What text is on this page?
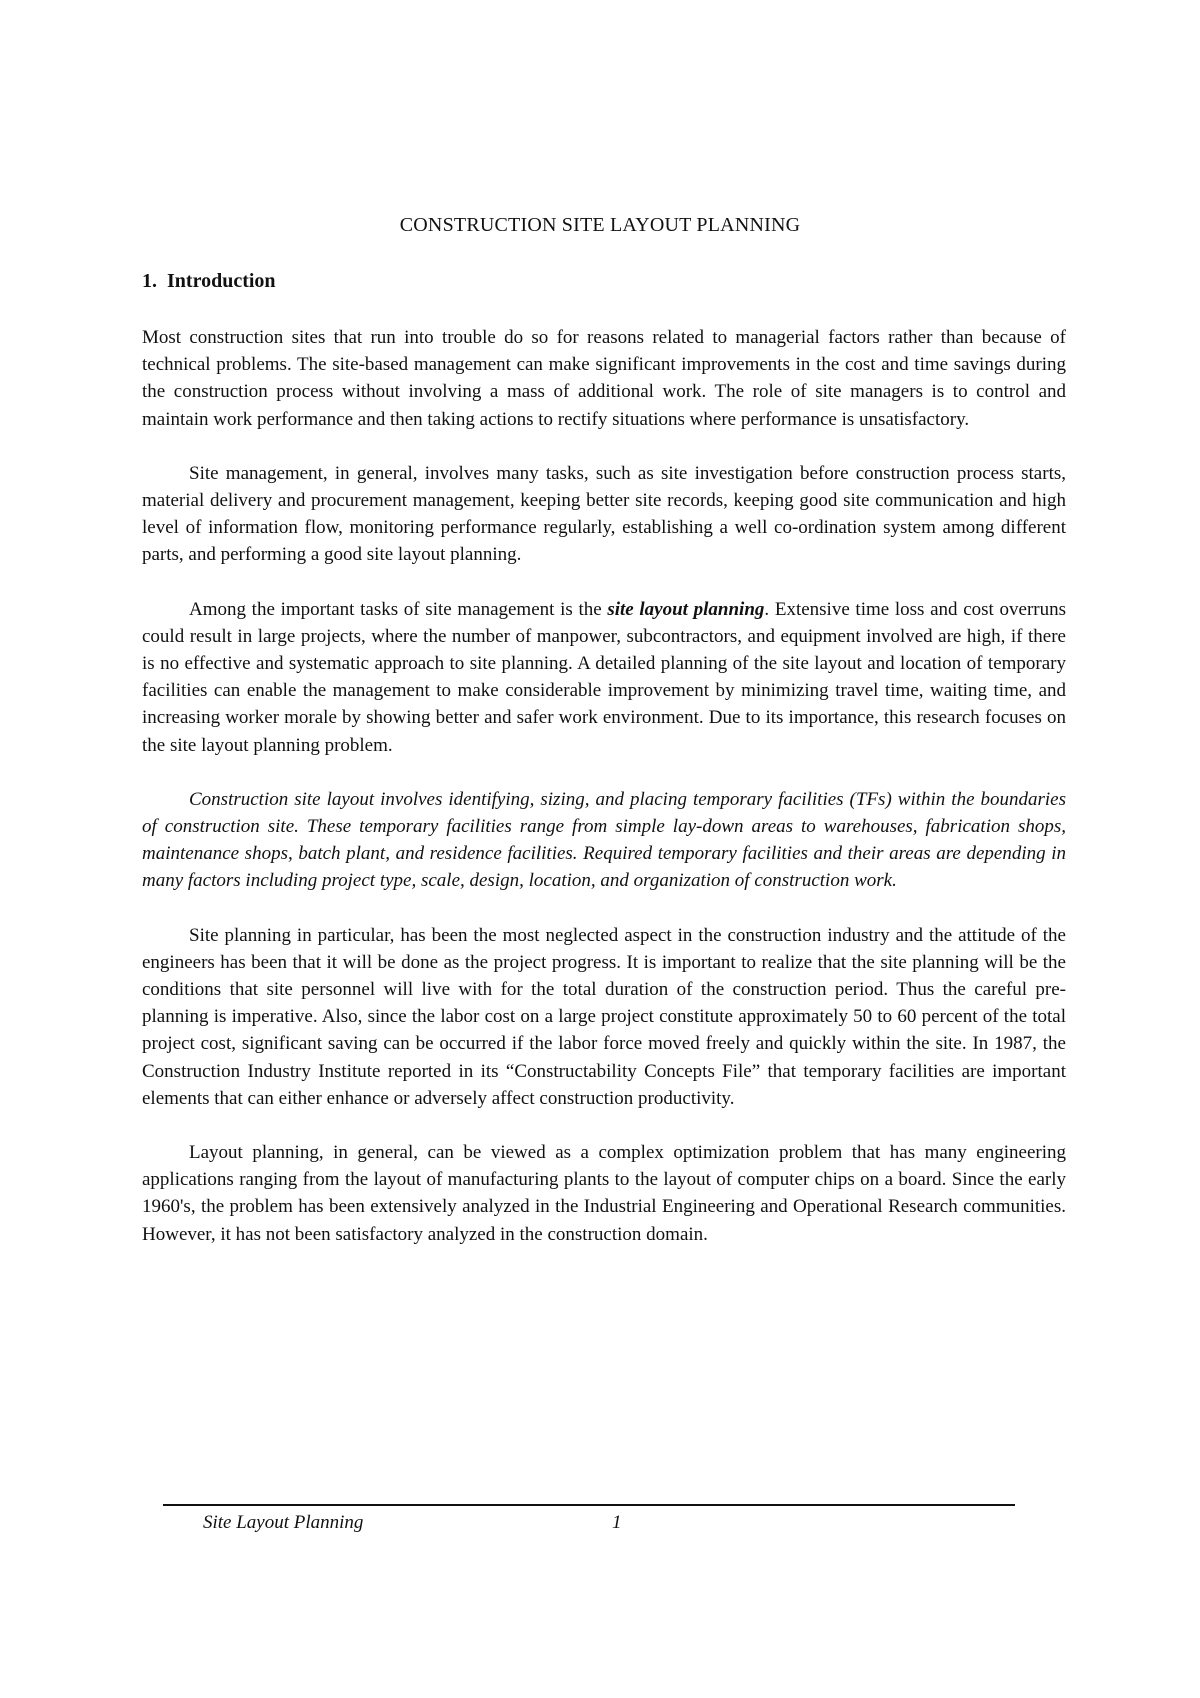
CONSTRUCTION SITE LAYOUT PLANNING
1. Introduction

Most construction sites that run into trouble do so for reasons related to managerial factors rather than because of technical problems. The site-based management can make significant improvements in the cost and time savings during the construction process without involving a mass of additional work. The role of site managers is to control and maintain work performance and then taking actions to rectify situations where performance is unsatisfactory.

Site management, in general, involves many tasks, such as site investigation before construction process starts, material delivery and procurement management, keeping better site records, keeping good site communication and high level of information flow, monitoring performance regularly, establishing a well co-ordination system among different parts, and performing a good site layout planning.

Among the important tasks of site management is the site layout planning. Extensive time loss and cost overruns could result in large projects, where the number of manpower, subcontractors, and equipment involved are high, if there is no effective and systematic approach to site planning. A detailed planning of the site layout and location of temporary facilities can enable the management to make considerable improvement by minimizing travel time, waiting time, and increasing worker morale by showing better and safer work environment. Due to its importance, this research focuses on the site layout planning problem.

Construction site layout involves identifying, sizing, and placing temporary facilities (TFs) within the boundaries of construction site. These temporary facilities range from simple lay-down areas to warehouses, fabrication shops, maintenance shops, batch plant, and residence facilities. Required temporary facilities and their areas are depending in many factors including project type, scale, design, location, and organization of construction work.

Site planning in particular, has been the most neglected aspect in the construction industry and the attitude of the engineers has been that it will be done as the project progress. It is important to realize that the site planning will be the conditions that site personnel will live with for the total duration of the construction period. Thus the careful pre-planning is imperative. Also, since the labor cost on a large project constitute approximately 50 to 60 percent of the total project cost, significant saving can be occurred if the labor force moved freely and quickly within the site. In 1987, the Construction Industry Institute reported in its “Constructability Concepts File” that temporary facilities are important elements that can either enhance or adversely affect construction productivity.

Layout planning, in general, can be viewed as a complex optimization problem that has many engineering applications ranging from the layout of manufacturing plants to the layout of computer chips on a board. Since the early 1960's, the problem has been extensively analyzed in the Industrial Engineering and Operational Research communities. However, it has not been satisfactory analyzed in the construction domain.

Site Layout Planning	1
